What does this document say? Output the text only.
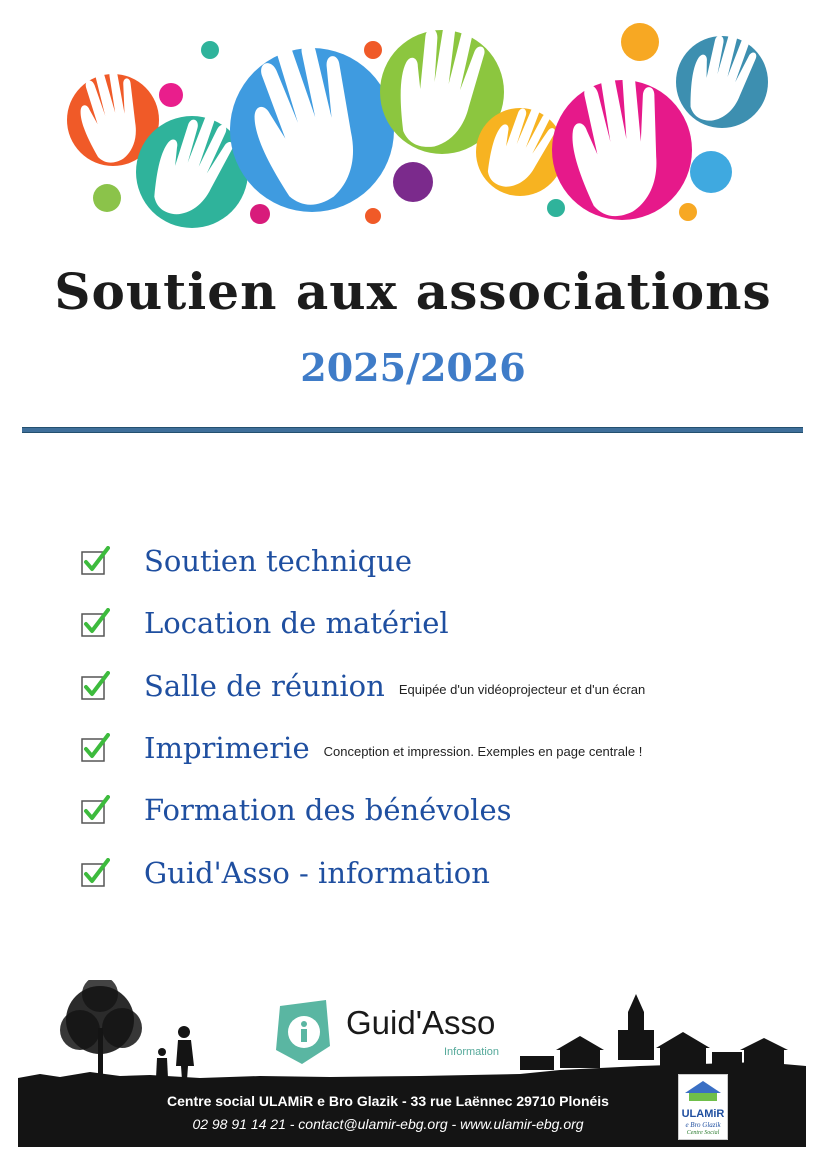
Soutien aux associations
2025/2026
Soutien technique
Location de matériel
Salle de réunion Equipée d'un vidéoprojecteur et d'un écran
Imprimerie Conception et impression. Exemples en page centrale !
Formation des bénévoles
Guid'Asso - information
Guid'Asso
Information
Centre social ULAMiR e Bro Glazik - 33 rue Laënnec 29710 Plonéis
02 98 91 14 21 - contact@ulamir-ebg.org - www.ulamir-ebg.org
ULAMiR
e Bro Glazik
Centre Social
